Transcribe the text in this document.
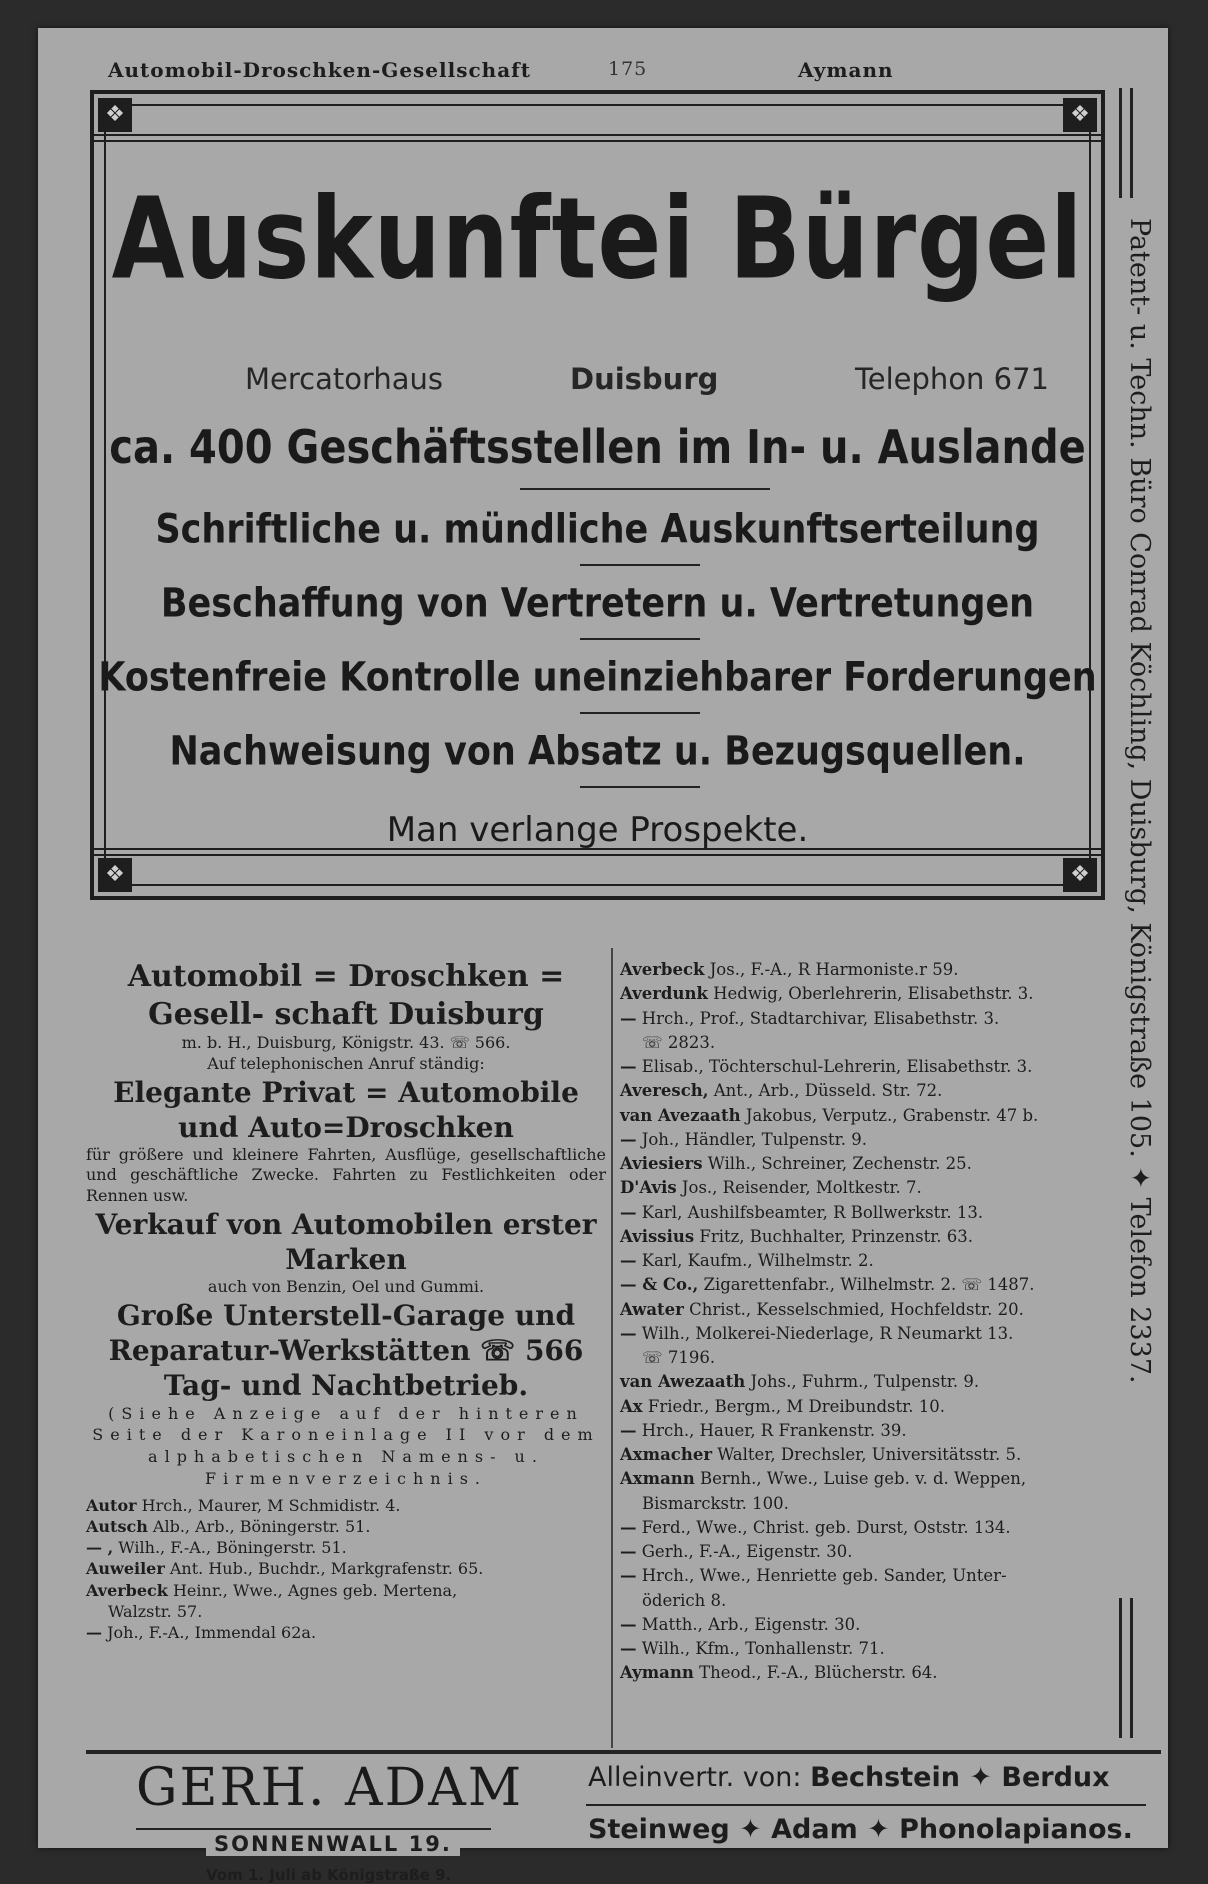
Automobil-Droschken-Gesellschaft	175	Aymann
Patent- u. Techn. Büro Conrad Köchling, Duisburg, Königstraße 105. ✦ Telefon 2337.
❖	❖
❖	❖
Auskunftei Bürgel
Mercatorhaus	Duisburg	Telephon 671
ca. 400 Geschäftsstellen im In- u. Auslande
Schriftliche u. mündliche Auskunftserteilung
Beschaffung von Vertretern u. Vertretungen
Kostenfreie Kontrolle uneinziehbarer Forderungen
Nachweisung von Absatz u. Bezugsquellen.
Man verlange Prospekte.
Automobil = Droschken = Gesell- schaft Duisburg
m. b. H., Duisburg, Königstr. 43. ☏ 566.
Auf telephonischen Anruf ständig:
Elegante Privat = Automobile und Auto=Droschken
für größere und kleinere Fahrten, Ausflüge, gesellschaftliche und geschäftliche Zwecke. Fahrten zu Festlichkeiten oder Rennen usw.
Verkauf von Automobilen erster Marken
auch von Benzin, Oel und Gummi.
Große Unterstell-Garage und Reparatur-Werkstätten ☏ 566
Tag- und Nachtbetrieb.
(Siehe Anzeige auf der hinteren Seite der Karoneinlage II vor dem alphabetischen Namens- u. Firmenverzeichnis.
Autor Hrch., Maurer, M Schmidistr. 4.
Autsch Alb., Arb., Böningerstr. 51.
— , Wilh., F.-A., Böningerstr. 51.
Auweiler Ant. Hub., Buchdr., Markgrafenstr. 65.
Averbeck Heinr., Wwe., Agnes geb. Mertena,
Walzstr. 57.
— Joh., F.-A., Immendal 62a.
Averbeck Jos., F.-A., R Harmoniste.r 59.
Averdunk Hedwig, Oberlehrerin, Elisabethstr. 3.
— Hrch., Prof., Stadtarchivar, Elisabethstr. 3.
☏ 2823.
— Elisab., Töchterschul-Lehrerin, Elisabethstr. 3.
Averesch, Ant., Arb., Düsseld. Str. 72.
van Avezaath Jakobus, Verputz., Grabenstr. 47 b.
— Joh., Händler, Tulpenstr. 9.
Aviesiers Wilh., Schreiner, Zechenstr. 25.
D'Avis Jos., Reisender, Moltkestr. 7.
— Karl, Aushilfsbeamter, R Bollwerkstr. 13.
Avissius Fritz, Buchhalter, Prinzenstr. 63.
— Karl, Kaufm., Wilhelmstr. 2.
— & Co., Zigarettenfabr., Wilhelmstr. 2. ☏ 1487.
Awater Christ., Kesselschmied, Hochfeldstr. 20.
— Wilh., Molkerei-Niederlage, R Neumarkt 13.
☏ 7196.
van Awezaath Johs., Fuhrm., Tulpenstr. 9.
Ax Friedr., Bergm., M Dreibundstr. 10.
— Hrch., Hauer, R Frankenstr. 39.
Axmacher Walter, Drechsler, Universitätsstr. 5.
Axmann Bernh., Wwe., Luise geb. v. d. Weppen,
Bismarckstr. 100.
— Ferd., Wwe., Christ. geb. Durst, Oststr. 134.
— Gerh., F.-A., Eigenstr. 30.
— Hrch., Wwe., Henriette geb. Sander, Unter-
öderich 8.
— Matth., Arb., Eigenstr. 30.
— Wilh., Kfm., Tonhallenstr. 71.
Aymann Theod., F.-A., Blücherstr. 64.
GERH. ADAM
SONNENWALL 19.
Vom 1. Juli ab Königstraße 9.
Alleinvertr. von: Bechstein ✦ Berdux
Steinweg ✦ Adam ✦ Phonolapianos.
